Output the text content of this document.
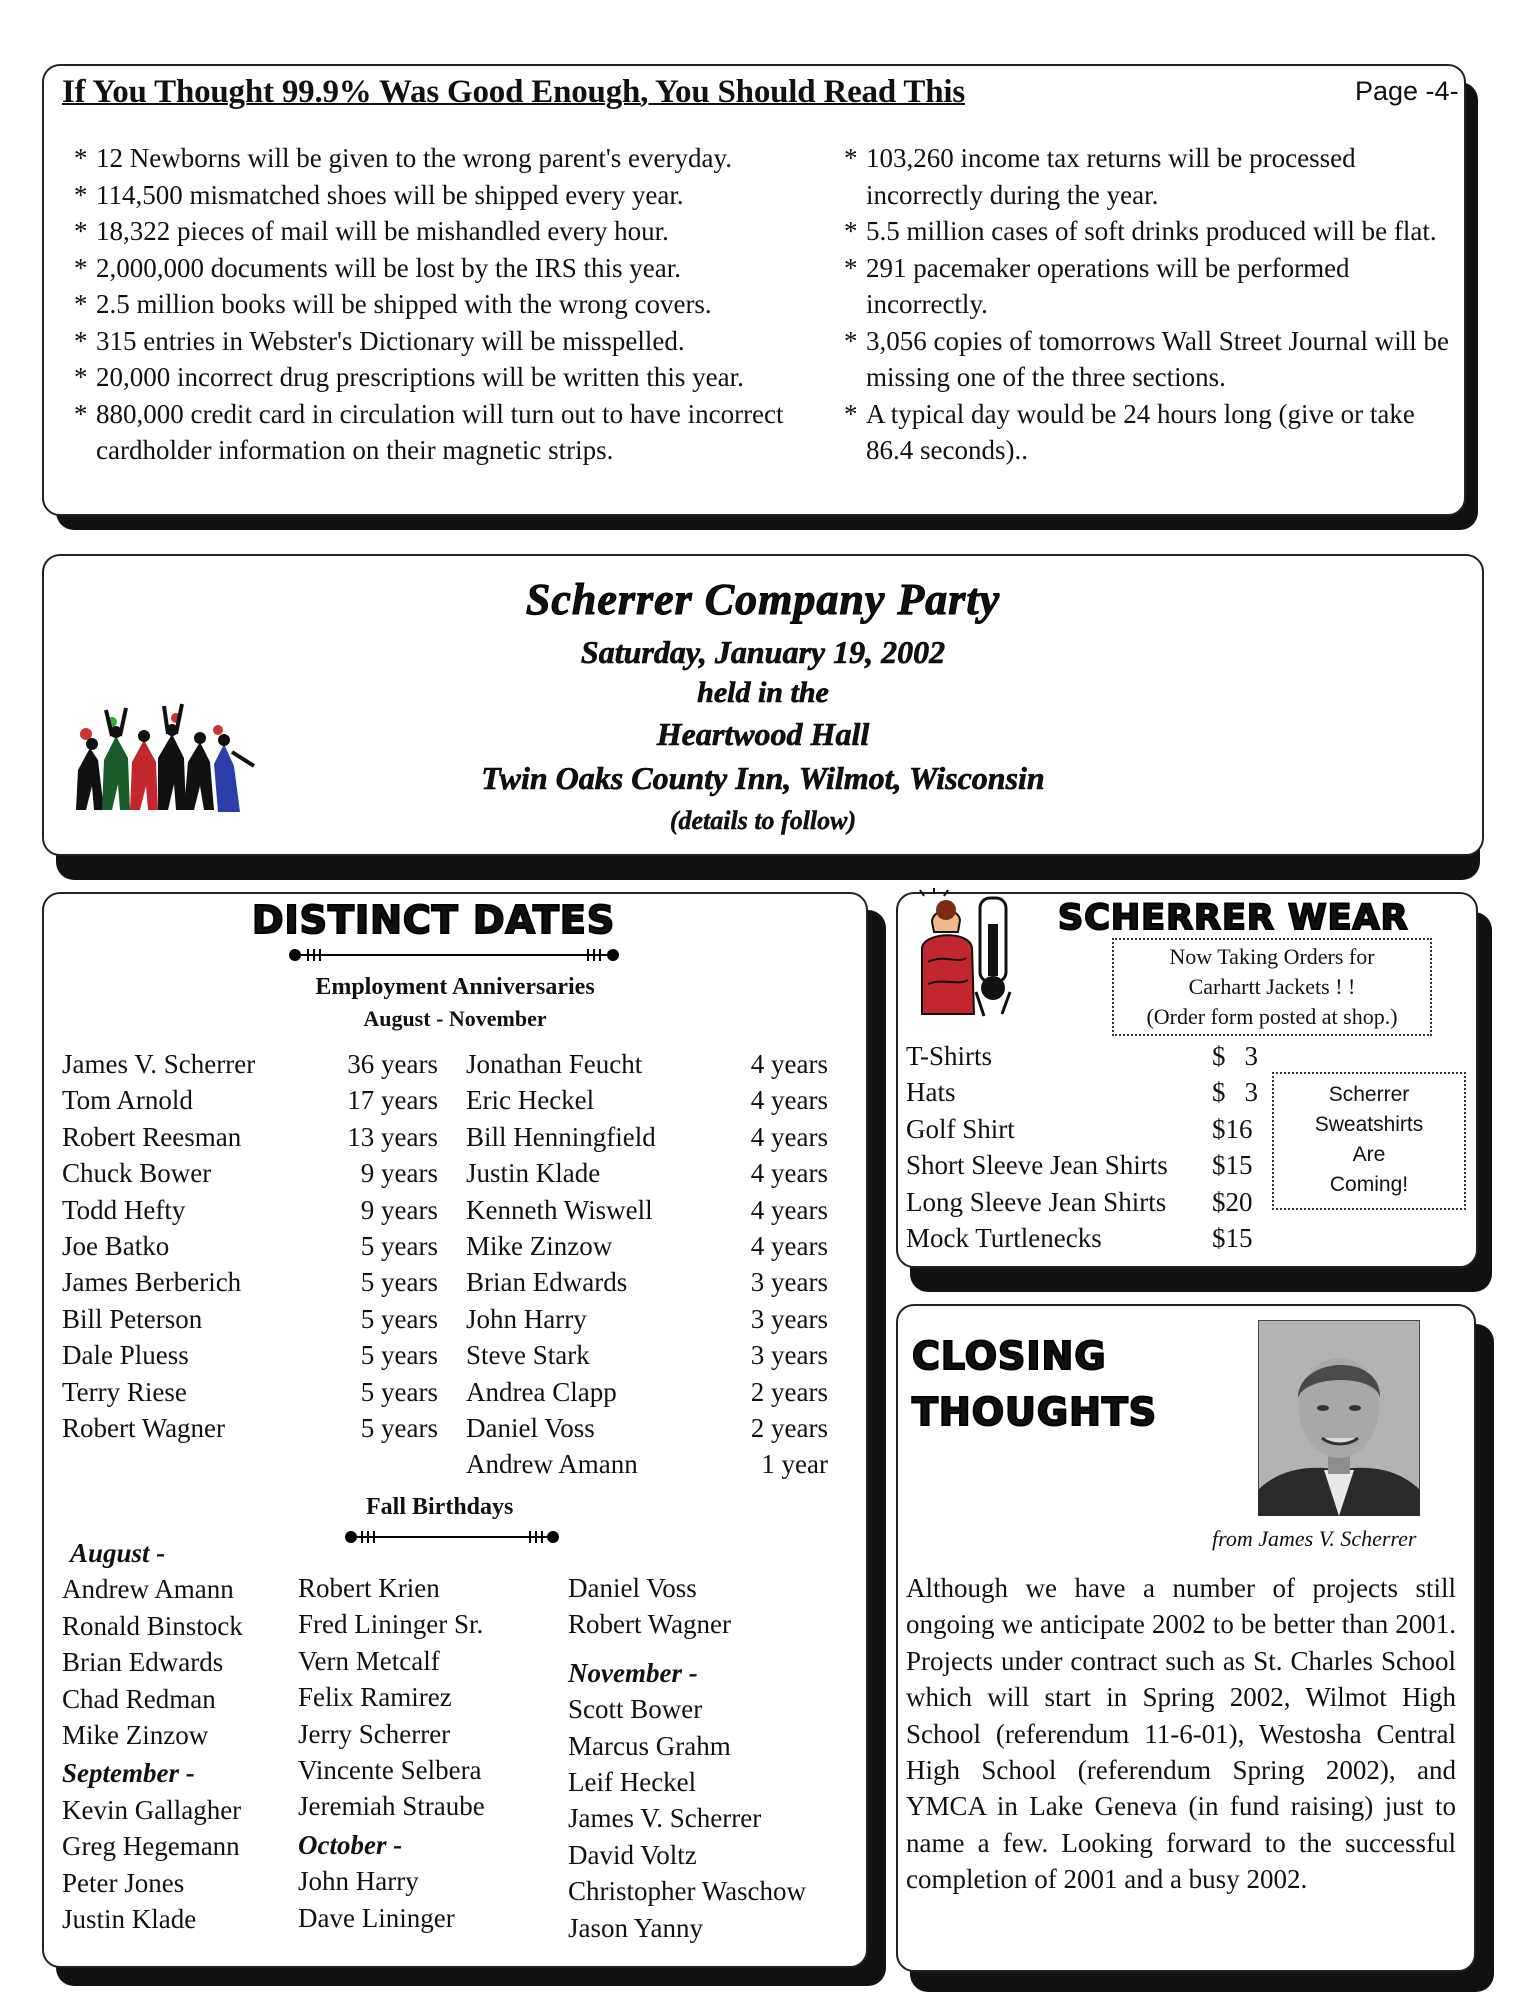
If You Thought 99.9% Was Good Enough, You Should Read This	Page -4-
* 12 Newborns will be given to the wrong parent's everyday.
* 114,500 mismatched shoes will be shipped every year.
* 18,322 pieces of mail will be mishandled every hour.
* 2,000,000 documents will be lost by the IRS this year.
* 2.5 million books will be shipped with the wrong covers.
* 315 entries in Webster's Dictionary will be misspelled.
* 20,000 incorrect drug prescriptions will be written this year.
* 880,000 credit card in circulation will turn out to have incorrect cardholder information on their magnetic strips.
* 103,260 income tax returns will be processed incorrectly during the year.
* 5.5 million cases of soft drinks produced will be flat.
* 291 pacemaker operations will be performed incorrectly.
* 3,056 copies of tomorrows Wall Street Journal will be missing one of the three sections.
* A typical day would be 24 hours long (give or take 86.4 seconds)..
Scherrer Company Party
Saturday, January 19, 2002
held in the
Heartwood Hall
Twin Oaks County Inn, Wilmot, Wisconsin
(details to follow)
DISTINCT DATES
Employment Anniversaries
August - November
James V. Scherrer	36 years
Tom Arnold	17 years
Robert Reesman	13 years
Chuck Bower	9 years
Todd Hefty	9 years
Joe Batko	5 years
James Berberich	5 years
Bill Peterson	5 years
Dale Pluess	5 years
Terry Riese	5 years
Robert Wagner	5 years
Jonathan Feucht	4 years
Eric Heckel	4 years
Bill Henningfield	4 years
Justin Klade	4 years
Kenneth Wiswell	4 years
Mike Zinzow	4 years
Brian Edwards	3 years
John Harry	3 years
Steve Stark	3 years
Andrea Clapp	2 years
Daniel Voss	2 years
Andrew Amann	1 year
Fall Birthdays
August -
Andrew Amann
Ronald Binstock
Brian Edwards
Chad Redman
Mike Zinzow
September -
Kevin Gallagher
Greg Hegemann
Peter Jones
Justin Klade
Robert Krien
Fred Lininger Sr.
Vern Metcalf
Felix Ramirez
Jerry Scherrer
Vincente Selbera
Jeremiah Straube
October -
John Harry
Dave Lininger
Daniel Voss
Robert Wagner
November -
Scott Bower
Marcus Grahm
Leif Heckel
James V. Scherrer
David Voltz
Christopher Waschow
Jason Yanny
SCHERRER WEAR
Now Taking Orders for
Carhartt Jackets ! !
(Order form posted at shop.)
T-Shirts	$ 3
Hats	$ 3
Golf Shirt	$16
Short Sleeve Jean Shirts	$15
Long Sleeve Jean Shirts	$20
Mock Turtlenecks	$15
Scherrer
Sweatshirts
Are
Coming!
CLOSING
THOUGHTS
from James V. Scherrer
Although we have a number of projects still ongoing we anticipate 2002 to be better than 2001. Projects under contract such as St. Charles School which will start in Spring 2002, Wilmot High School (referendum 11-6-01), Westosha Central High School (referendum Spring 2002), and YMCA in Lake Geneva (in fund raising) just to name a few. Looking forward to the successful completion of 2001 and a busy 2002.
